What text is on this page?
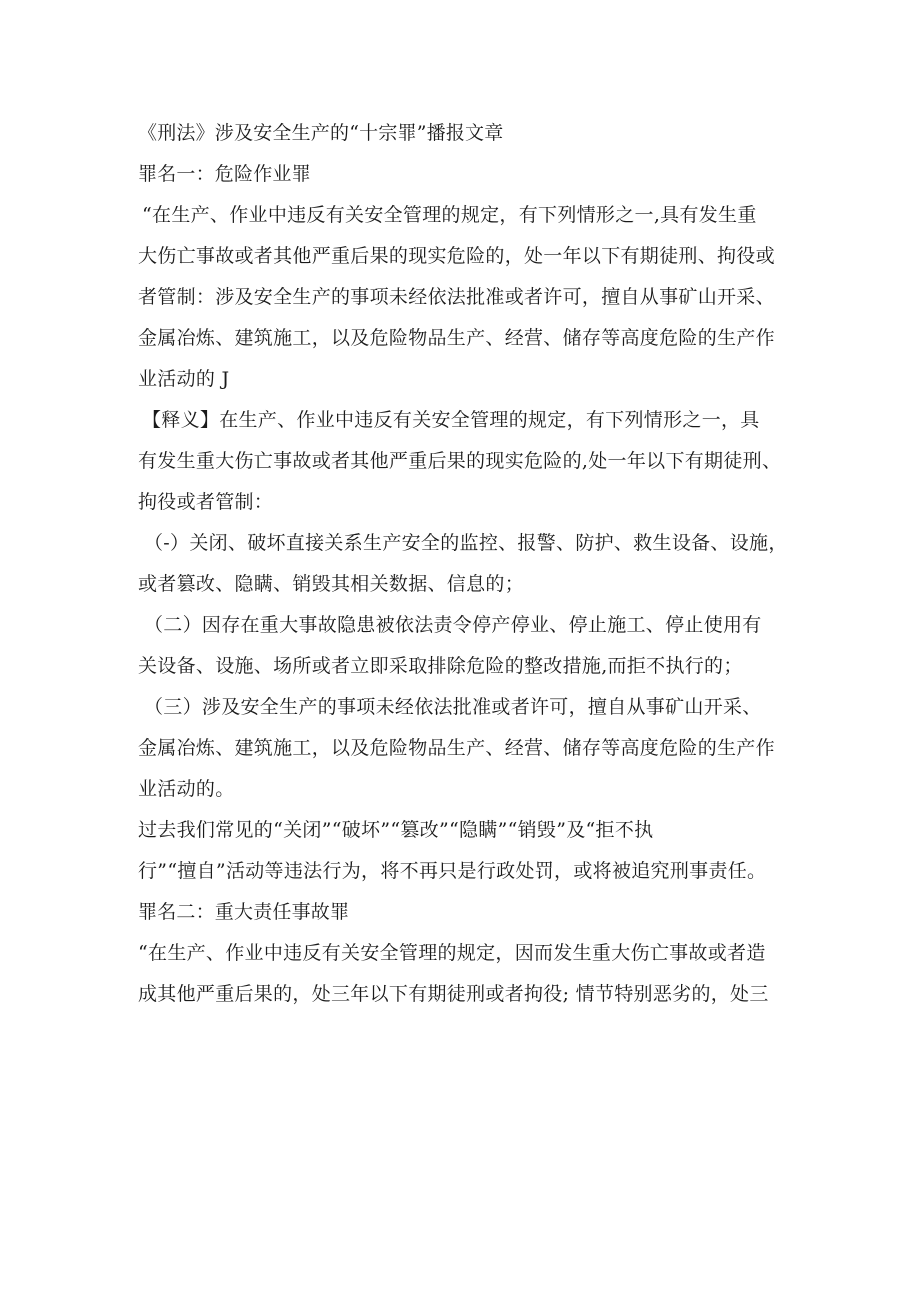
《刑法》涉及安全生产的“十宗罪”播报文章
罪名一：危险作业罪
“在生产、作业中违反有关安全管理的规定，有下列情形之一,具有发生重
大伤亡事故或者其他严重后果的现实危险的，处一年以下有期徒刑、拘役或
者管制：涉及安全生产的事项未经依法批准或者许可，擅自从事矿山开采、
金属冶炼、建筑施工，以及危险物品生产、经营、储存等高度危险的生产作
业活动的 J
【释义】在生产、作业中违反有关安全管理的规定，有下列情形之一，具
有发生重大伤亡事故或者其他严重后果的现实危险的,处一年以下有期徒刑、
拘役或者管制：
（-）关闭、破坏直接关系生产安全的监控、报警、防护、救生设备、设施，
或者篡改、隐瞒、销毁其相关数据、信息的；
（二）因存在重大事故隐患被依法责令停产停业、停止施工、停止使用有
关设备、设施、场所或者立即采取排除危险的整改措施,而拒不执行的；
（三）涉及安全生产的事项未经依法批准或者许可，擅自从事矿山开采、
金属冶炼、建筑施工，以及危险物品生产、经营、储存等高度危险的生产作
业活动的。
过去我们常见的“关闭”“破坏”“篡改”“隐瞒”“销毁”及“拒不执
行”“擅自”活动等违法行为，将不再只是行政处罚，或将被追究刑事责任。
罪名二：重大责任事故罪
“在生产、作业中违反有关安全管理的规定，因而发生重大伤亡事故或者造
成其他严重后果的，处三年以下有期徒刑或者拘役; 情节特别恶劣的，处三
